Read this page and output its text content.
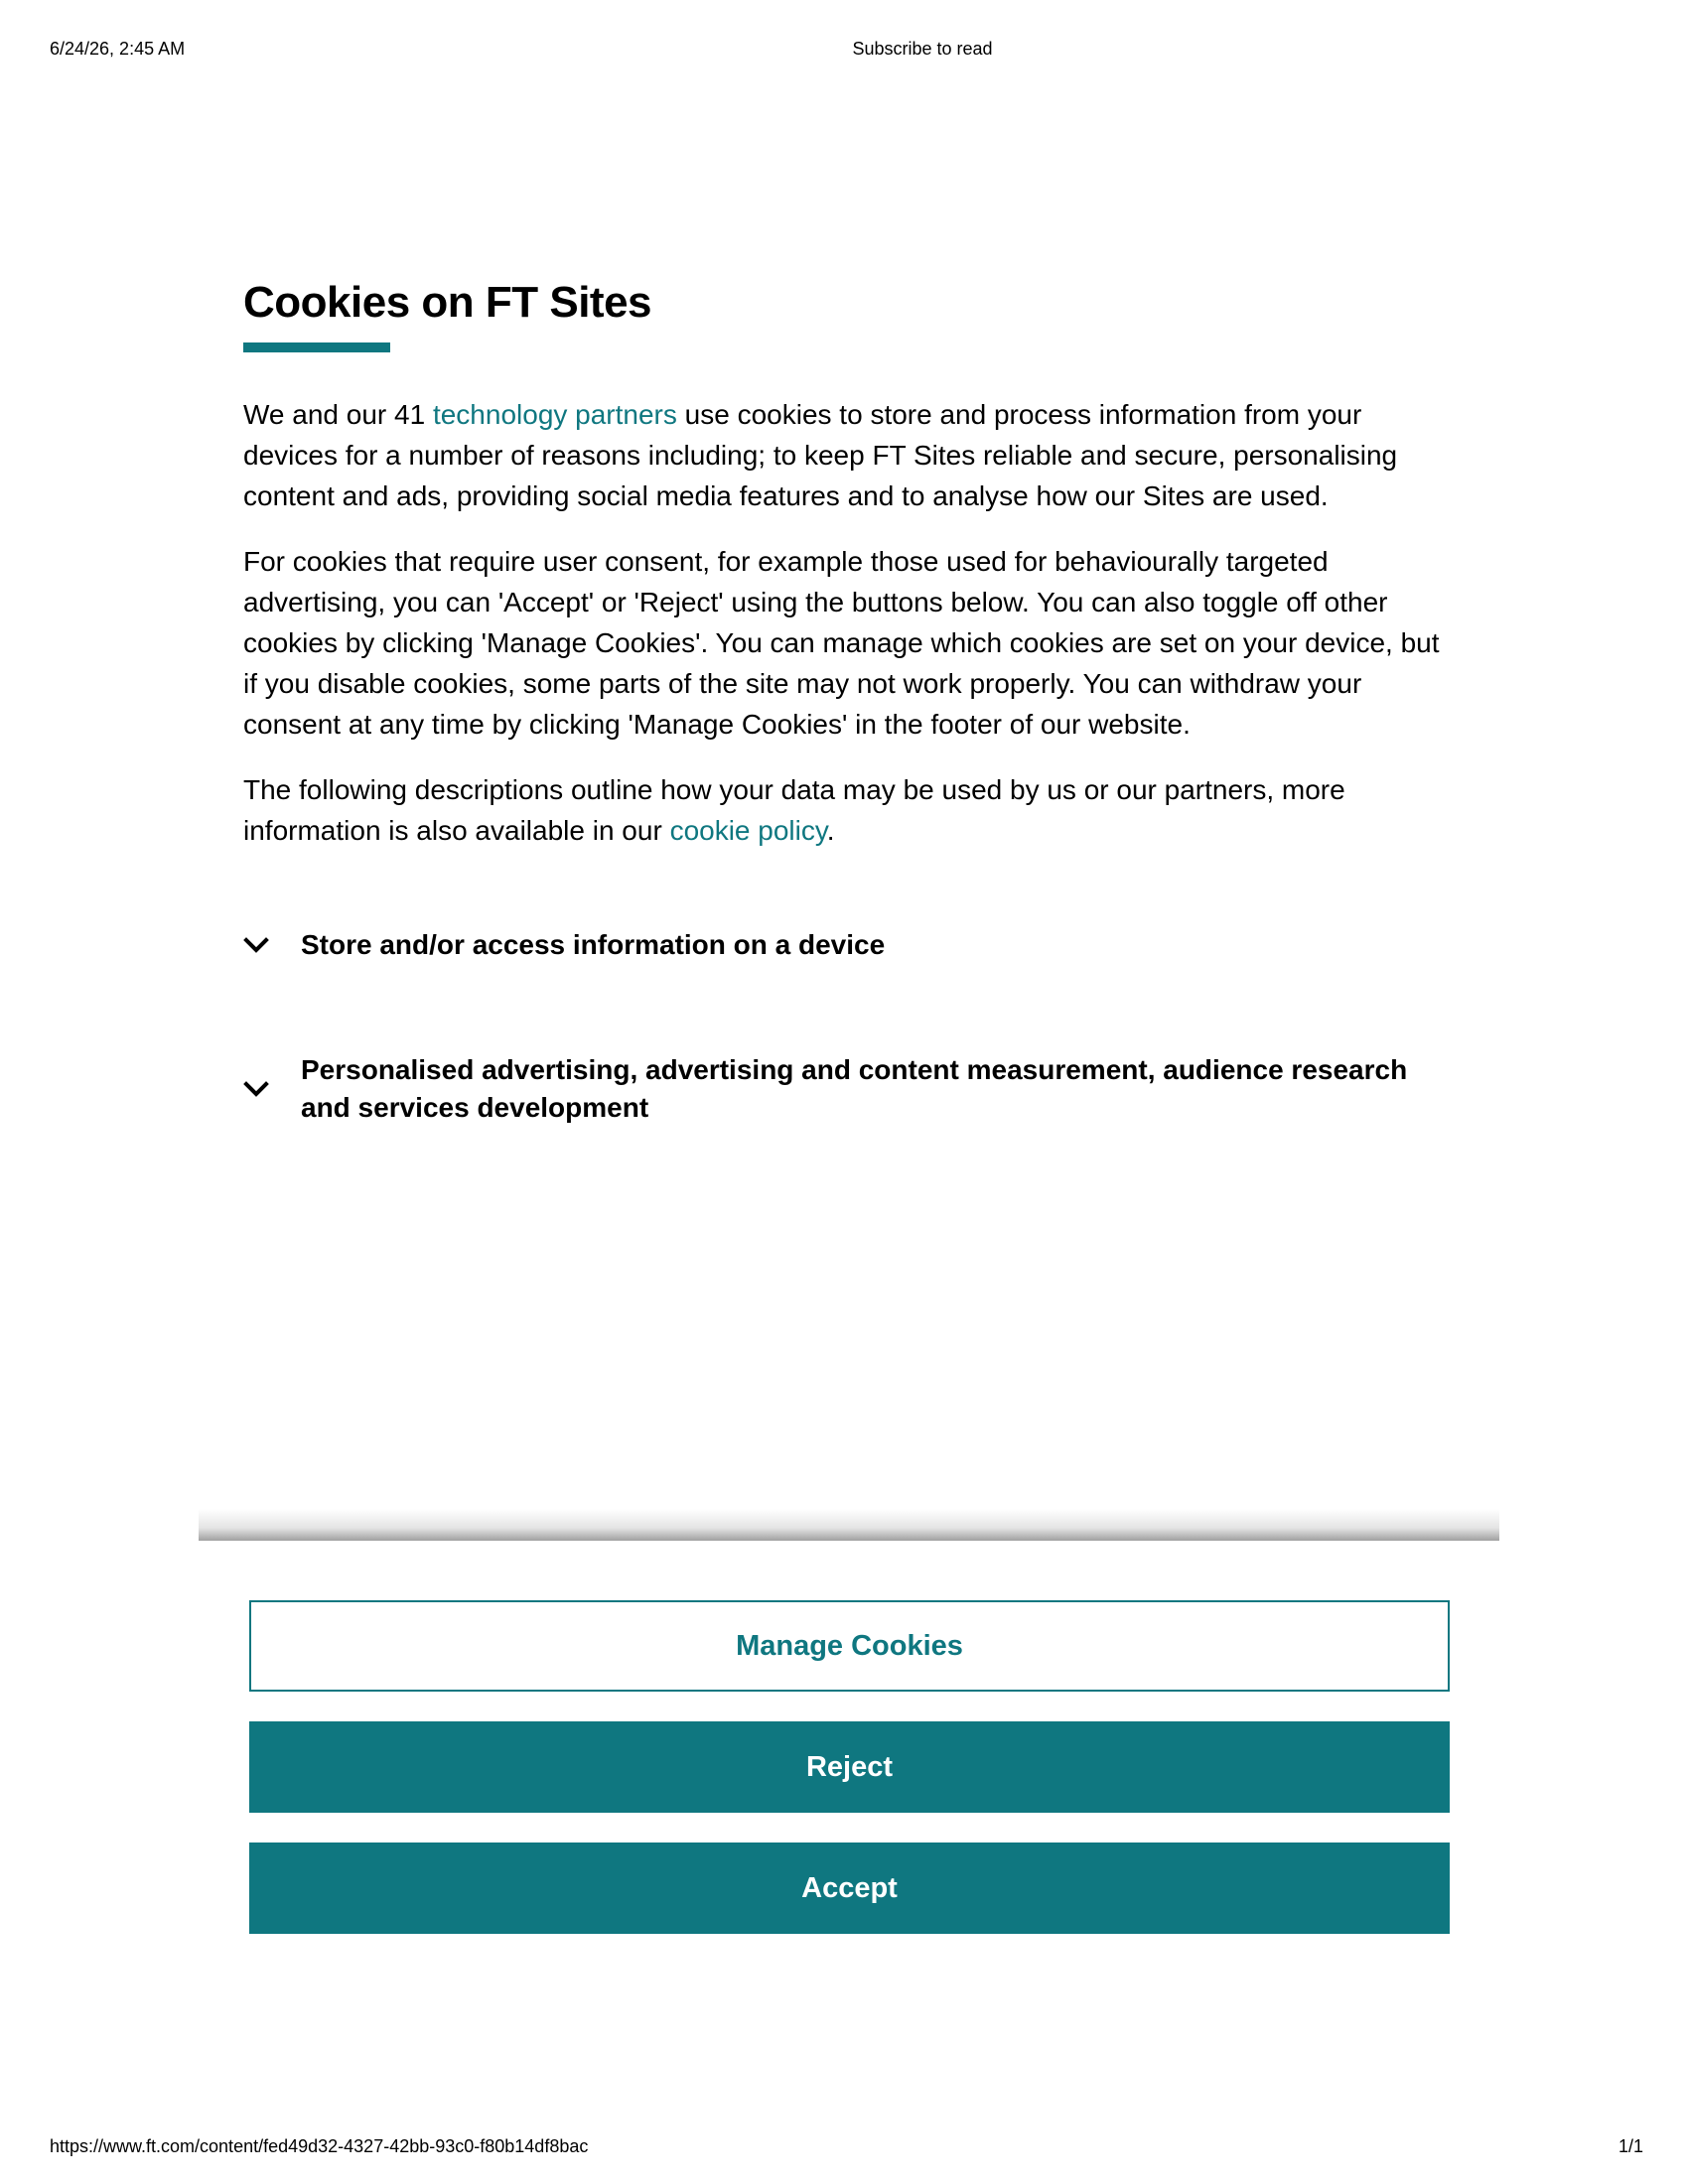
6/24/26, 2:45 AM	Subscribe to read
Cookies on FT Sites

We and our 41 technology partners use cookies to store and process information from your devices for a number of reasons including; to keep FT Sites reliable and secure, personalising content and ads, providing social media features and to analyse how our Sites are used.

For cookies that require user consent, for example those used for behaviourally targeted advertising, you can 'Accept' or 'Reject' using the buttons below. You can also toggle off other cookies by clicking 'Manage Cookies'. You can manage which cookies are set on your device, but if you disable cookies, some parts of the site may not work properly. You can withdraw your consent at any time by clicking 'Manage Cookies' in the footer of our website.

The following descriptions outline how your data may be used by us or our partners, more information is also available in our cookie policy.

Store and/or access information on a device
Personalised advertising, advertising and content measurement, audience research and services development
Manage Cookies
Reject
Accept
https://www.ft.com/content/fed49d32-4327-42bb-93c0-f80b14df8bac	1/1
